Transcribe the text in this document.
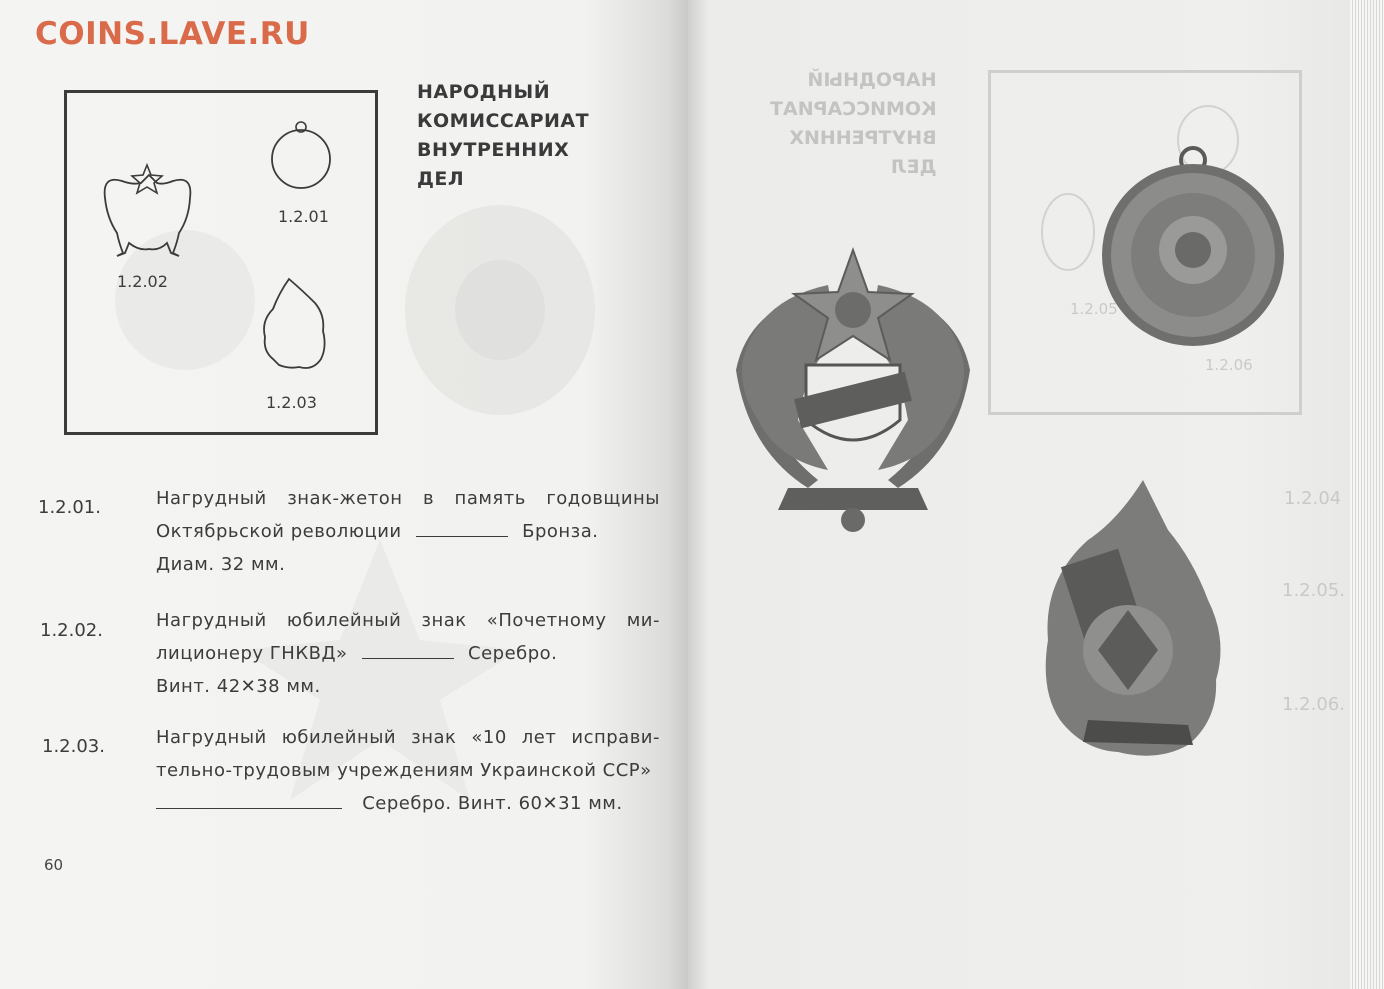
COINS.LAVE.RU
1.2.01
1.2.02
1.2.03
НАРОДНЫЙ
КОМИССАРИАТ
ВНУТРЕННИХ
ДЕЛ
1.2.01.	Нагрудный знак-жетон в память годовщины
Октябрьской революции	Бронза.
Диам. 32 мм.
1.2.02.	Нагрудный юбилейный знак «Почетному ми-
лиционеру ГНКВД»	Серебро.
Винт. 42✕38 мм.
1.2.03.	Нагрудный юбилейный знак «10 лет исправи-
тельно-трудовым учреждениям Украинской ССР»
Серебро. Винт. 60✕31 мм.
60
НАРОДНЫЙ
КОМИССАРИАТ
ВНУТРЕННИХ
ДЕЛ
1.2.05
1.2.06
1.2.04
1.2.05.
1.2.06.
